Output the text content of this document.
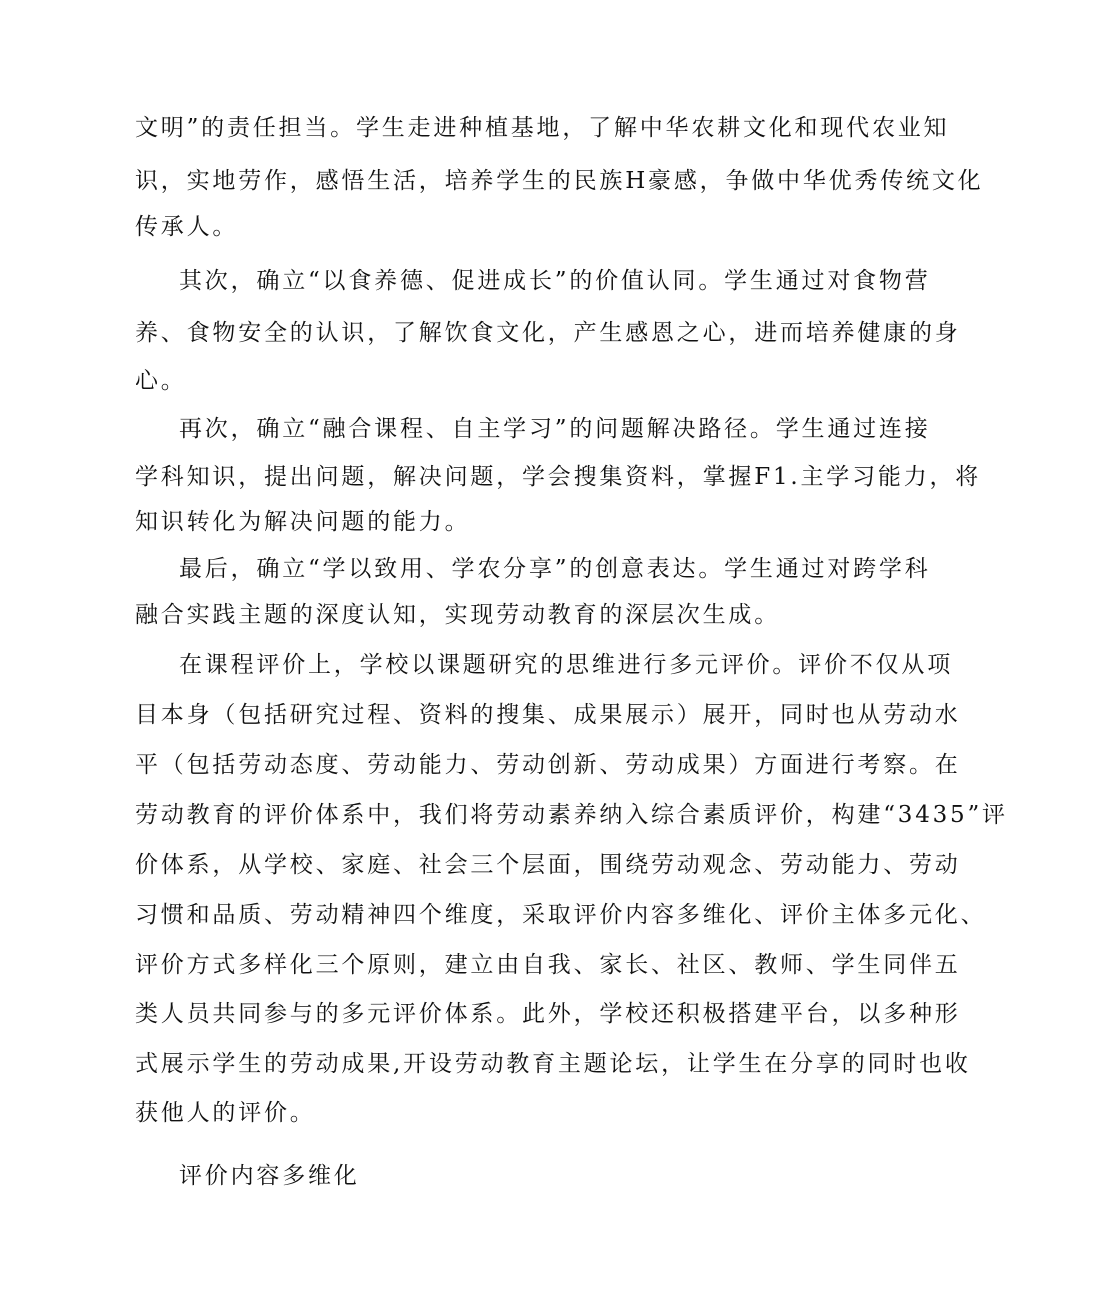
文明”的责任担当。学生走进种植基地，了解中华农耕文化和现代农业知
识，实地劳作，感悟生活，培养学生的民族H豪感，争做中华优秀传统文化
传承人。
其次，确立“以食养德、促进成长”的价值认同。学生通过对食物营
养、食物安全的认识，了解饮食文化，产生感恩之心，进而培养健康的身
心。
再次，确立“融合课程、自主学习”的问题解决路径。学生通过连接
学科知识，提出问题，解决问题，学会搜集资料，掌握F1.主学习能力，将
知识转化为解决问题的能力。
最后，确立“学以致用、学农分享”的创意表达。学生通过对跨学科
融合实践主题的深度认知，实现劳动教育的深层次生成。
在课程评价上，学校以课题研究的思维进行多元评价。评价不仅从项
目本身（包括研究过程、资料的搜集、成果展示）展开，同时也从劳动水
平（包括劳动态度、劳动能力、劳动创新、劳动成果）方面进行考察。在
劳动教育的评价体系中，我们将劳动素养纳入综合素质评价，构建“3435”评
价体系，从学校、家庭、社会三个层面，围绕劳动观念、劳动能力、劳动
习惯和品质、劳动精神四个维度，采取评价内容多维化、评价主体多元化、
评价方式多样化三个原则，建立由自我、家长、社区、教师、学生同伴五
类人员共同参与的多元评价体系。此外，学校还积极搭建平台，以多种形
式展示学生的劳动成果,开设劳动教育主题论坛，让学生在分享的同时也收
获他人的评价。
评价内容多维化
